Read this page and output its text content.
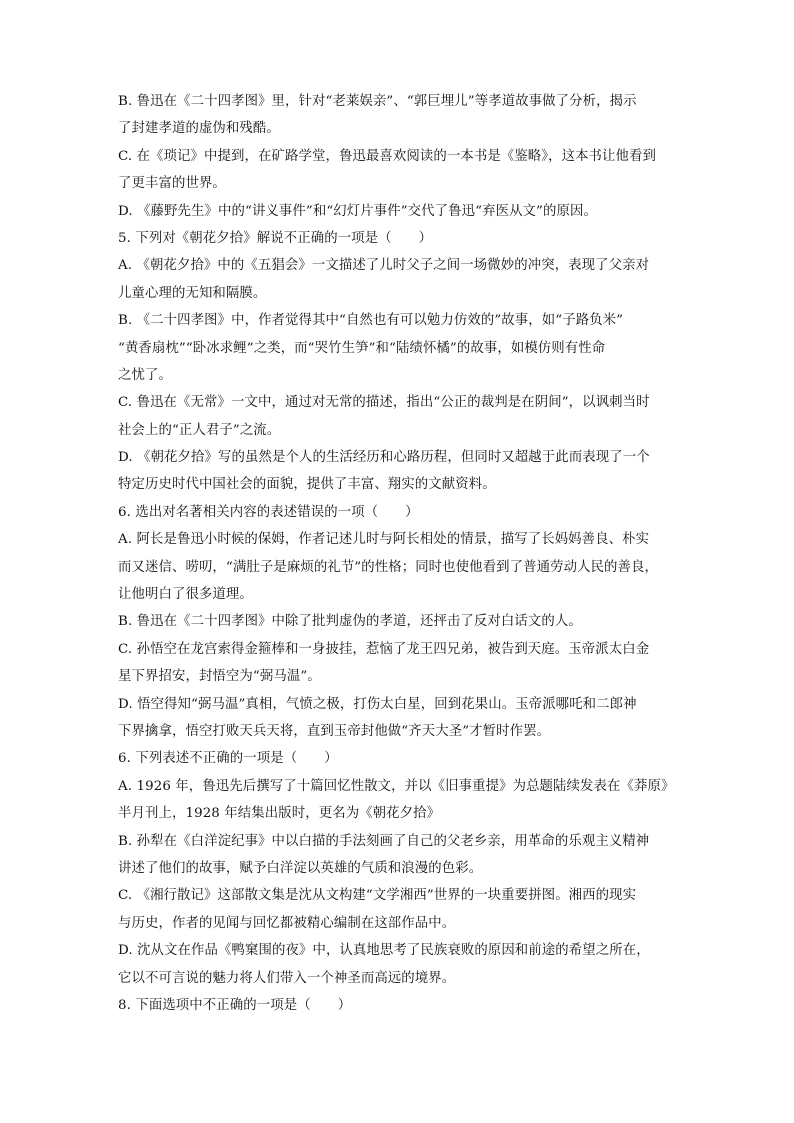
B. 鲁迅在《二十四孝图》里，针对“老莱娱亲”、“郭巨埋儿”等孝道故事做了分析，揭示
了封建孝道的虚伪和残酷。
C. 在《琐记》中提到，在矿路学堂，鲁迅最喜欢阅读的一本书是《鉴略》，这本书让他看到
了更丰富的世界。
D. 《藤野先生》中的“讲义事件”和“幻灯片事件”交代了鲁迅“弃医从文”的原因。
5. 下列对《朝花夕拾》解说不正确的一项是（　　）
A. 《朝花夕拾》中的《五猖会》一文描述了儿时父子之间一场微妙的冲突，表现了父亲对
儿童心理的无知和隔膜。
B. 《二十四孝图》中，作者觉得其中“自然也有可以勉力仿效的”故事，如“子路负米”
“黄香扇枕”“卧冰求鲤”之类，而“哭竹生笋”和“陆绩怀橘”的故事，如模仿则有性命
之忧了。
C. 鲁迅在《无常》一文中，通过对无常的描述，指出“公正的裁判是在阴间”，以讽刺当时
社会上的“正人君子”之流。
D. 《朝花夕拾》写的虽然是个人的生活经历和心路历程，但同时又超越于此而表现了一个
特定历史时代中国社会的面貌，提供了丰富、翔实的文献资料。
6. 选出对名著相关内容的表述错误的一项（　　）
A. 阿长是鲁迅小时候的保姆，作者记述儿时与阿长相处的情景，描写了长妈妈善良、朴实
而又迷信、唠叨，“满肚子是麻烦的礼节”的性格；同时也使他看到了普通劳动人民的善良，
让他明白了很多道理。
B. 鲁迅在《二十四孝图》中除了批判虚伪的孝道，还抨击了反对白话文的人。
C. 孙悟空在龙宫索得金箍棒和一身披挂，惹恼了龙王四兄弟，被告到天庭。玉帝派太白金
星下界招安，封悟空为“弼马温”。
D. 悟空得知“弼马温”真相，气愤之极，打伤太白星，回到花果山。玉帝派哪吒和二郎神
下界擒拿，悟空打败天兵天将，直到玉帝封他做“齐天大圣”才暂时作罢。
6. 下列表述不正确的一项是（　　）
A. 1926 年，鲁迅先后撰写了十篇回忆性散文，并以《旧事重提》为总题陆续发表在《莽原》
半月刊上，1928 年结集出版时，更名为《朝花夕拾》
B. 孙犁在《白洋淀纪事》中以白描的手法刻画了自己的父老乡亲，用革命的乐观主义精神
讲述了他们的故事，赋予白洋淀以英雄的气质和浪漫的色彩。
C. 《湘行散记》这部散文集是沈从文构建“文学湘西”世界的一块重要拼图。湘西的现实
与历史，作者的见闻与回忆都被精心编制在这部作品中。
D. 沈从文在作品《鸭窠围的夜》中，认真地思考了民族衰败的原因和前途的希望之所在，
它以不可言说的魅力将人们带入一个神圣而高远的境界。
8. 下面选项中不正确的一项是（　　）
